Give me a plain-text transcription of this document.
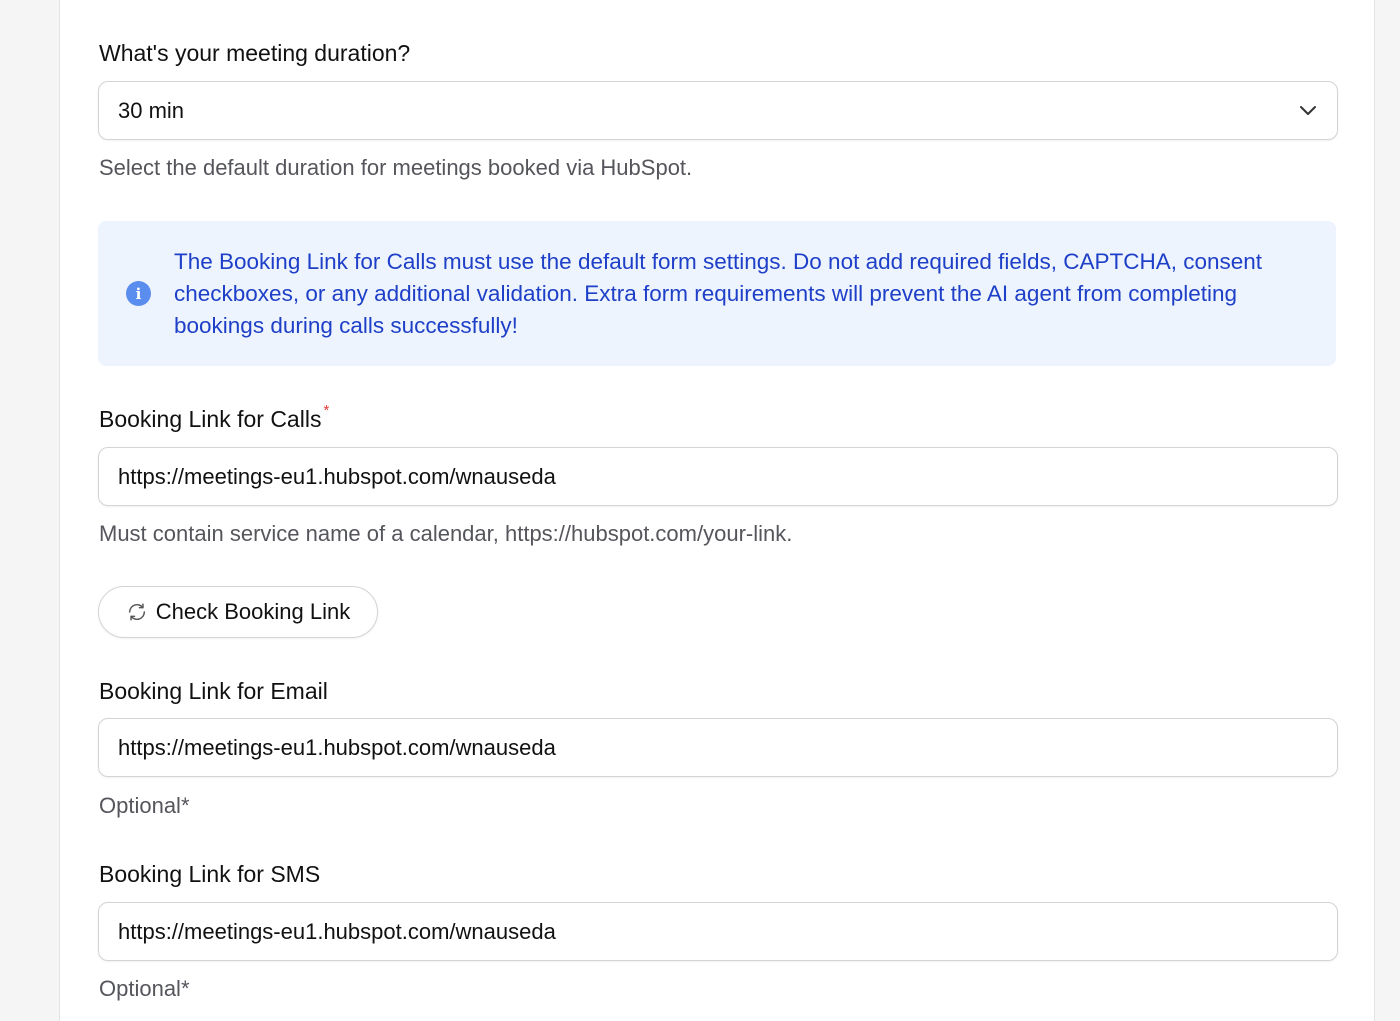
What's your meeting duration?
30 min
Select the default duration for meetings booked via HubSpot.
i
The Booking Link for Calls must use the default form settings. Do not add required fields, CAPTCHA, consent checkboxes, or any additional validation. Extra form requirements will prevent the AI agent from completing bookings during calls successfully!
Booking Link for Calls *
https://meetings-eu1.hubspot.com/wnauseda
Must contain service name of a calendar, https://hubspot.com/your-link.
Check Booking Link
Booking Link for Email
https://meetings-eu1.hubspot.com/wnauseda
Optional*
Booking Link for SMS
https://meetings-eu1.hubspot.com/wnauseda
Optional*
